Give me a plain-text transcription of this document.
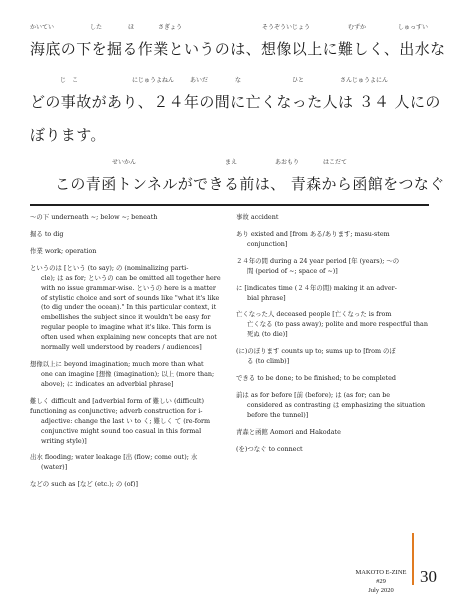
かいてい	した	ほ	さぎょう	そうぞういじょう	むずか	しゅっすい
海底の下を掘る作業というのは、想像以上に難しく、出水な
じ　こ	にじゅうよねん	あいだ	な	ひと	さんじゅうよにん
どの事故があり、２４年の間に亡くなった人は ３４ 人にの
ぼります。
せいかん	まえ	あおもり	はこだて
この青函トンネルができる前は、 青森から函館をつなぐ

～の下 underneath ~; below ~; beneath

掘る to dig

作業 work; operation

というのは [という (to say); の (nominalizing parti-
cle); は as for; というの can be omitted all together here with no issue grammar-wise. というの here is a matter of stylistic choice and sort of sounds like "what it's like (to dig under the ocean)." In this particular context, it embellishes the subject since it wouldn't be easy for regular people to imagine what it's like. This form is often used when explaining new concepts that are not normally well understood by readers / audiences]

想像以上に beyond imagination; much more than what
one can imagine [想像 (imagination); 以上 (more than; above); に indicates an adverbial phrase]

難しく difficult and [adverbial form of 難しい (difficult) functioning as conjunctive; adverb construction for i-
adjective: change the last い to く; 難しく て (re-form conjunctive might sound too casual in this formal writing style)]

出水 flooding; water leakage [出 (flow; come out); 水
(water)]

などの such as [など (etc.); の (of)]

事故 accident

あり existed and [from ある/あります; masu-stem
conjunction]

２４年の間 during a 24 year period [年 (years); ～の
間 (period of ~; space of ~)]

に [indicates time (２４年の間) making it an adver-
bial phrase]

亡くなった人 deceased people [亡くなった is from
亡くなる (to pass away); polite and more respectful than 死ぬ (to die)]

(に)のぼります counts up to; sums up to [from のぼ
る (to climb)]

できる to be done; to be finished; to be completed

前は as for before [前 (before); は (as for; can be
considered as contrasting は emphasizing the situation before the tunnel)]

青森と函館 Aomori and Hakodate

(を)つなぐ to connect

MAKOTO E-ZINE #29
July 2020
30
